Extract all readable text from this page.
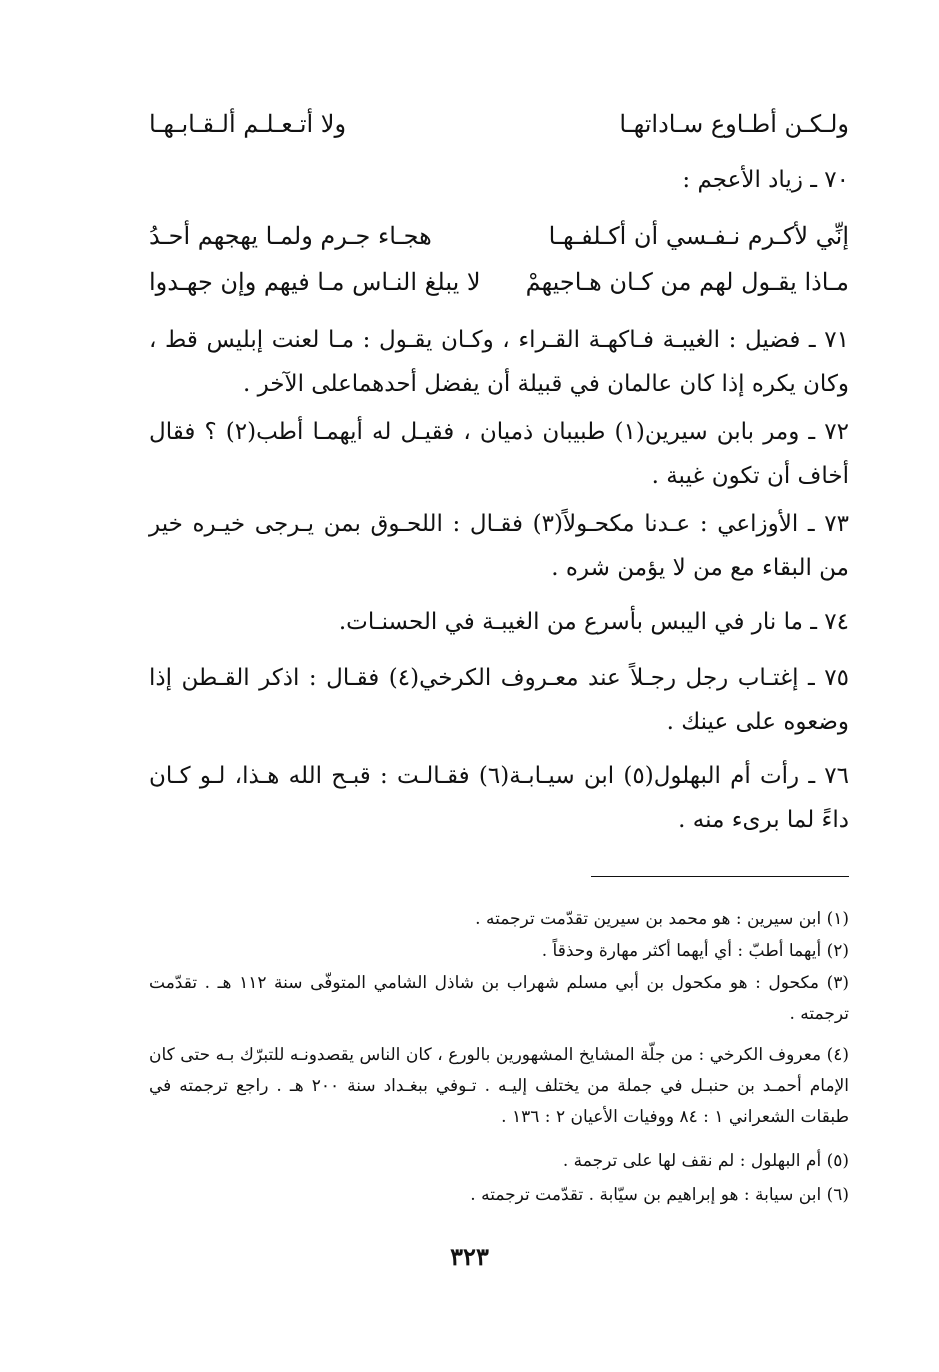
ولـكـن أطـاوع سـاداتهـا
ولا أتـعـلـم ألـقـابـهـا
٧٠ ـ زياد الأعجم :
إنِّي لأكـرم نـفـسي أن أكـلفـهـا
هجـاء جـرم ولمـا يهجهم أحـدُ
مـاذا يقـول لهم من كـان هـاجيهمْ
لا يبلغ النـاس مـا فيهم وإن جهـدوا
٧١ ـ فضيل : الغيبـة فـاكهـة القـراء ، وكـان يقـول : مـا لعنت إبليس قط ، وكان يكره إذا كان عالمان في قبيلة أن يفضل أحدهماعلى الآخر .
٧٢ ـ ومر بابن سيرين(١) طبيبان ذميان ، فقيـل له أيهمـا أطب(٢) ؟ فقال أخاف أن تكون غيبة .
٧٣ ـ الأوزاعي : عـدنا مكحـولاً(٣) فقـال : اللحـوق بمن يـرجى خيـره خير من البقاء مع من لا يؤمن شره .
٧٤ ـ ما نار في اليبس بأسرع من الغيبـة في الحسنـات.
٧٥ ـ إغتـاب رجل رجـلاً عند معـروف الكرخي(٤) فقـال : اذكر القـطن إذا وضعوه على عينك .
٧٦ ـ رأت أم البهلول(٥) ابن سيـابـة(٦) فقـالـت : قبـح الله هـذا، لـو كـان داءً لما برىء منه .
(١) ابن سيرين : هو محمد بن سيرين تقدّمت ترجمته .
(٢) أيهما أطبّ : أي أيهما أكثر مهارة وحذقاً .
(٣) مكحول : هو مكحول بن أبي مسلم شهراب بن شاذل الشامي المتوفّى سنة ١١٢ هـ . تقدّمت ترجمته .
(٤) معروف الكرخي : من جلّة المشايخ المشهورين بالورع ، كان الناس يقصدونـه للتبرّك بـه حتى كان الإمام أحمـد بن حنبـل في جملة من يختلف إليـه . تـوفي ببغـداد سنة ٢٠٠ هـ . راجع ترجمته في طبقات الشعراني ١ : ٨٤ ووفيات الأعيان ٢ : ١٣٦ .
(٥) أم البهلول : لم نقف لها على ترجمة .
(٦) ابن سيابة : هو إبراهيم بن سيّابة . تقدّمت ترجمته .
٣٢٣
